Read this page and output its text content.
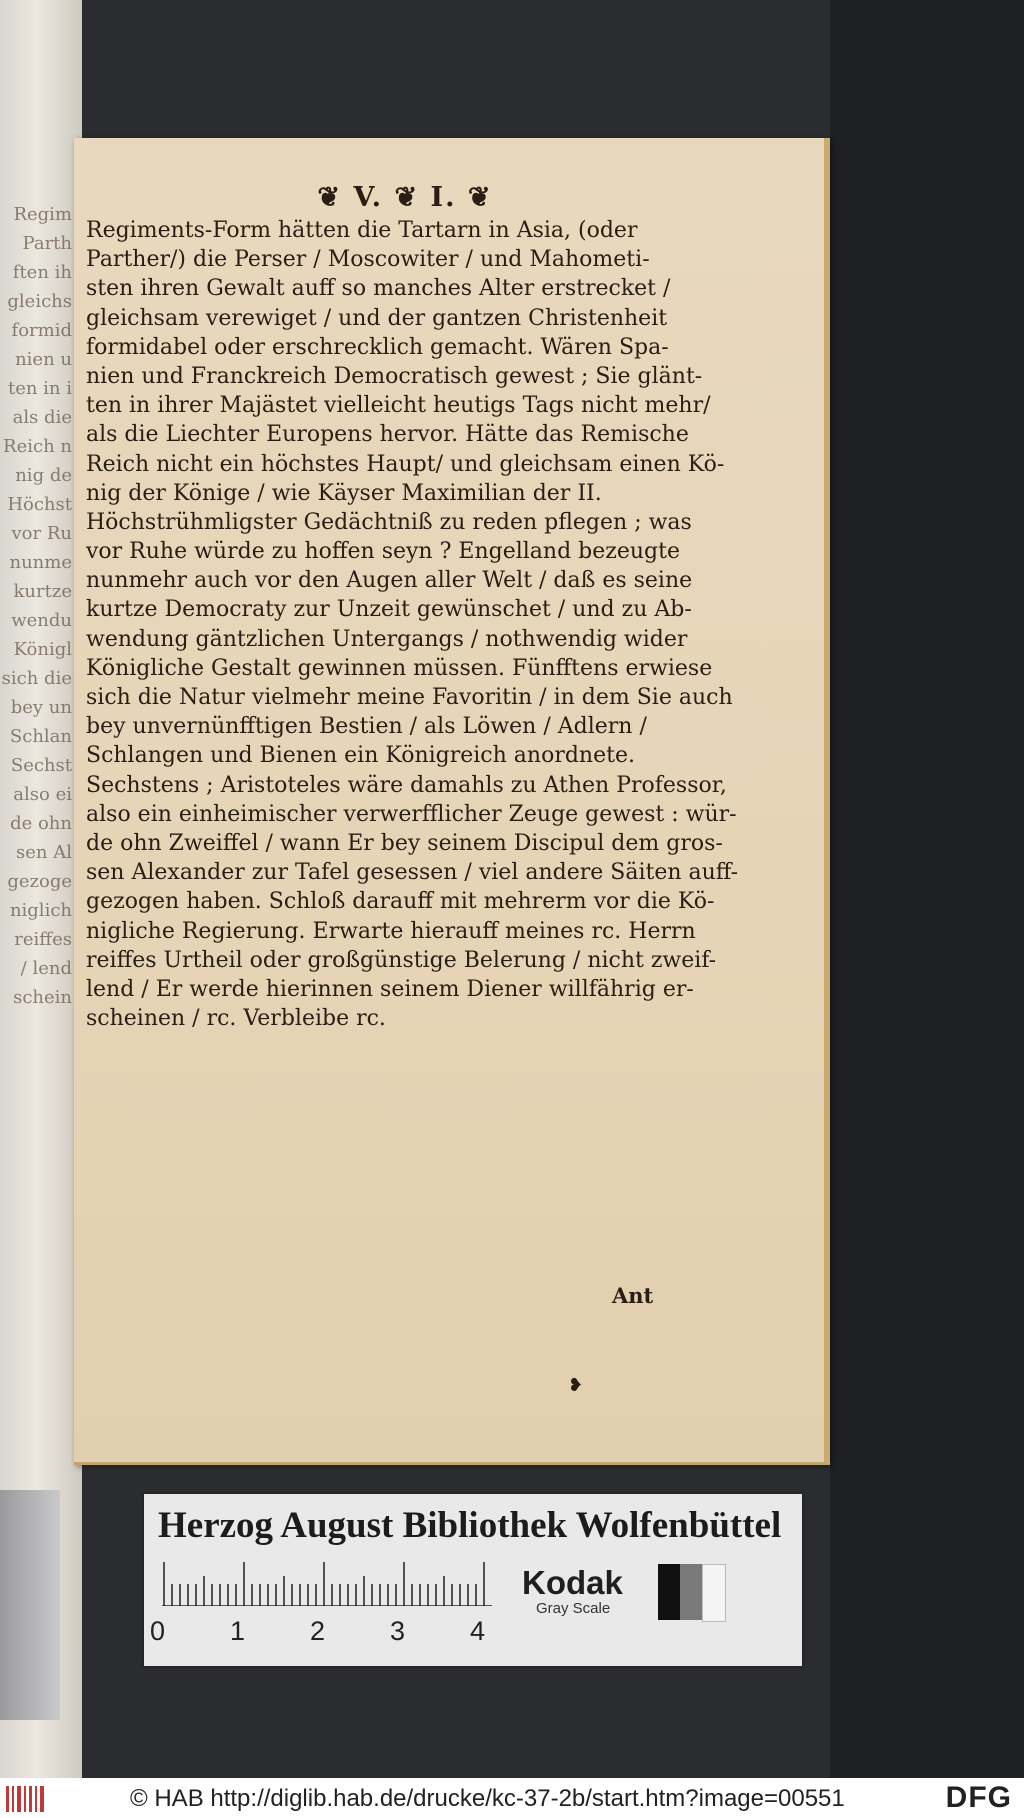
Regim
Parth
ften ih
gleichs
formid
nien u
ten in i
als die
Reich n
nig de
Höchst
vor Ru
nunme
kurtze
wendu
Königl
sich die
bey un
Schlan
Sechst
also ei
de ohn
sen Al
gezoge
niglich
reiffes
lend /
schein
❦ V. ❦ I. ❦
Regiments-Form hätten die Tartarn in Asia, (oder
Parther/) die Perser / Moscowiter / und Mahometi-
sten ihren Gewalt auff so manches Alter erstrecket /
gleichsam verewiget / und der gantzen Christenheit
formidabel oder erschrecklich gemacht. Wären Spa-
nien und Franckreich Democratisch gewest ; Sie glänt-
ten in ihrer Majästet vielleicht heutigs Tags nicht mehr/
als die Liechter Europens hervor. Hätte das Remische
Reich nicht ein höchstes Haupt/ und gleichsam einen Kö-
nig der Könige / wie Käyser Maximilian der II.
Höchstrühmligster Gedächtniß zu reden pflegen ; was
vor Ruhe würde zu hoffen seyn ? Engelland bezeugte
nunmehr auch vor den Augen aller Welt / daß es seine
kurtze Democraty zur Unzeit gewünschet / und zu Ab-
wendung gäntzlichen Untergangs / nothwendig wider
Königliche Gestalt gewinnen müssen. Fünfftens erwiese
sich die Natur vielmehr meine Favoritin / in dem Sie auch
bey unvernünfftigen Bestien / als Löwen / Adlern /
Schlangen und Bienen ein Königreich anordnete.
Sechstens ; Aristoteles wäre damahls zu Athen Professor,
also ein einheimischer verwerfflicher Zeuge gewest : wür-
de ohn Zweiffel / wann Er bey seinem Discipul dem gros-
sen Alexander zur Tafel gesessen / viel andere Säiten auff-
gezogen haben. Schloß darauff mit mehrerm vor die Kö-
nigliche Regierung. Erwarte hierauff meines rc. Herrn
reiffes Urtheil oder großgünstige Belerung / nicht zweif-
lend / Er werde hierinnen seinem Diener willfährig er-
scheinen / rc. Verbleibe rc.
Ant
❥
Herzog August Bibliothek Wolfenbüttel
0 1 2 3 4
Kodak
Gray Scale
© HAB http://diglib.hab.de/drucke/kc-37-2b/start.htm?image=00551	DFG
